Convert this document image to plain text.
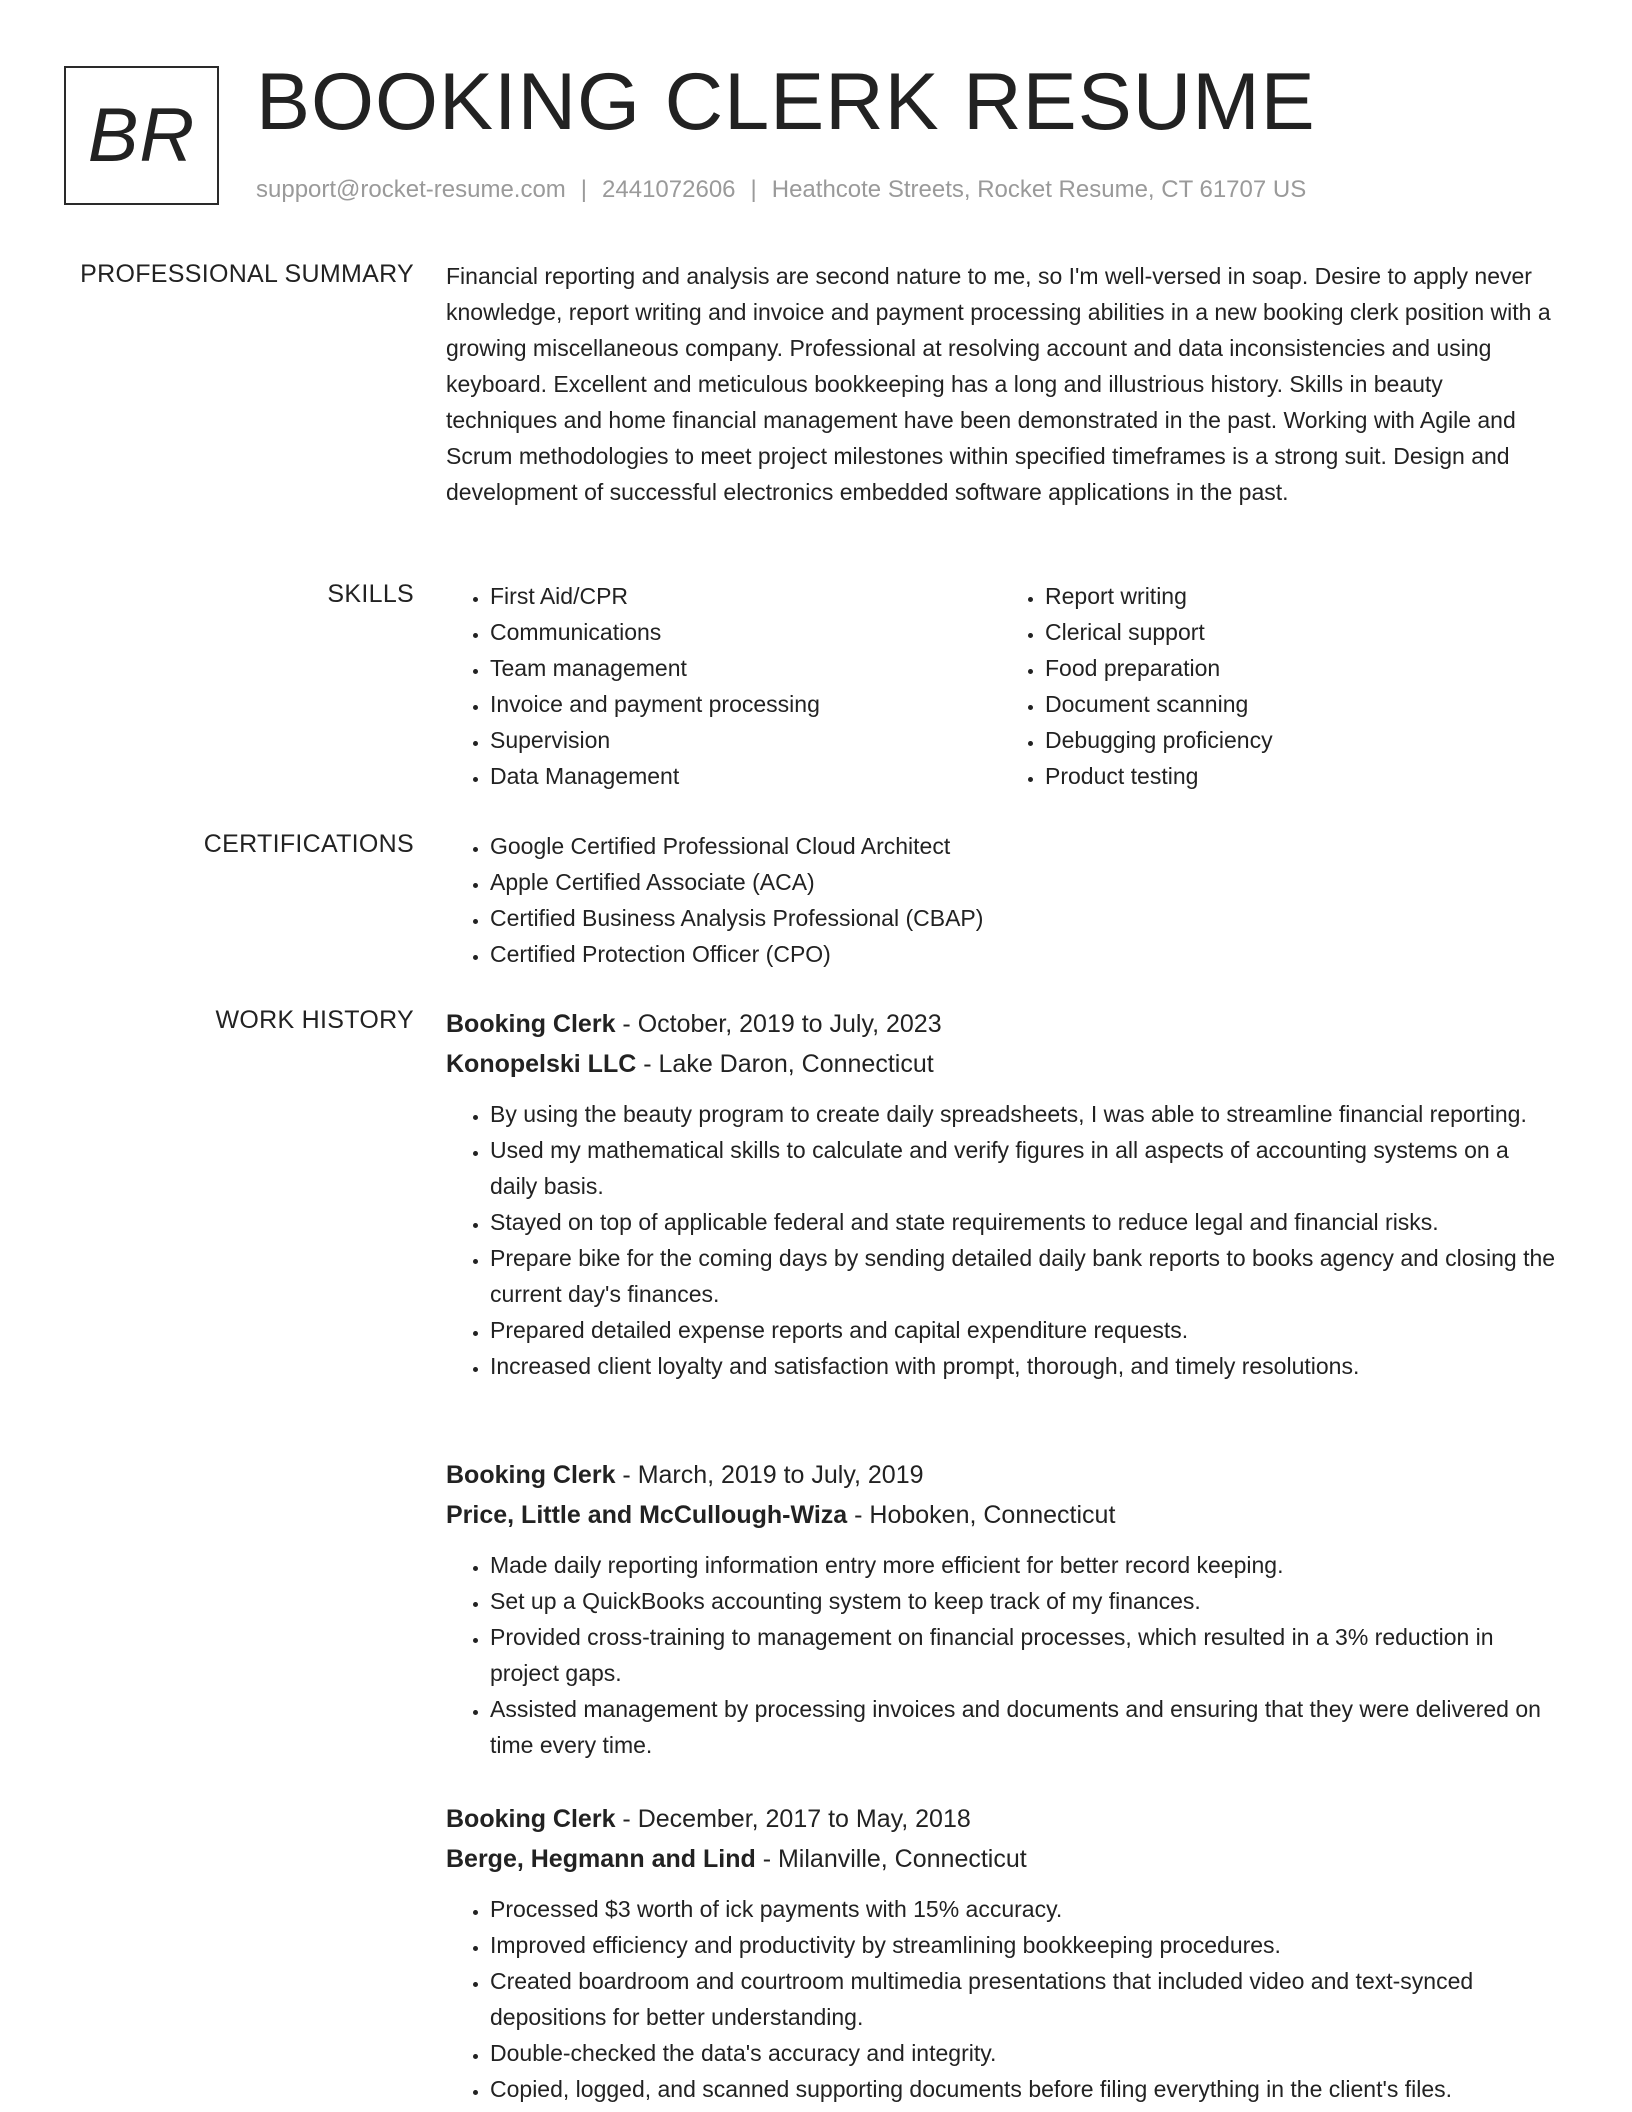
BR BOOKING CLERK RESUME
support@rocket-resume.com | 2441072606 | Heathcote Streets, Rocket Resume, CT 61707 US
PROFESSIONAL SUMMARY Financial reporting and analysis are second nature to me, so I'm well-versed in soap. Desire to apply never knowledge, report writing and invoice and payment processing abilities in a new booking clerk position with a growing miscellaneous company. Professional at resolving account and data inconsistencies and using keyboard. Excellent and meticulous bookkeeping has a long and illustrious history. Skills in beauty techniques and home financial management have been demonstrated in the past. Working with Agile and Scrum methodologies to meet project milestones within specified timeframes is a strong suit. Design and development of successful electronics embedded software applications in the past.

SKILLS	• First Aid/CPR
• Communications
• Team management
• Invoice and payment processing
• Supervision
• Data Management
• Report writing
• Clerical support
• Food preparation
• Document scanning
• Debugging proficiency
• Product testing
CERTIFICATIONS	• Google Certified Professional Cloud Architect
• Apple Certified Associate (ACA)
• Certified Business Analysis Professional (CBAP)
• Certified Protection Officer (CPO)
WORK HISTORY Booking Clerk - October, 2019 to July, 2023
Konopelski LLC - Lake Daron, Connecticut
• By using the beauty program to create daily spreadsheets, I was able to streamline financial reporting.
• Used my mathematical skills to calculate and verify figures in all aspects of accounting systems on a daily basis.
• Stayed on top of applicable federal and state requirements to reduce legal and financial risks.
• Prepare bike for the coming days by sending detailed daily bank reports to books agency and closing the current day's finances.
• Prepared detailed expense reports and capital expenditure requests.
• Increased client loyalty and satisfaction with prompt, thorough, and timely resolutions.
Booking Clerk - March, 2019 to July, 2019
Price, Little and McCullough-Wiza - Hoboken, Connecticut
• Made daily reporting information entry more efficient for better record keeping.
• Set up a QuickBooks accounting system to keep track of my finances.
• Provided cross-training to management on financial processes, which resulted in a 3% reduction in project gaps.
• Assisted management by processing invoices and documents and ensuring that they were delivered on time every time.
Booking Clerk - December, 2017 to May, 2018
Berge, Hegmann and Lind - Milanville, Connecticut
• Processed $3 worth of ick payments with 15% accuracy.
• Improved efficiency and productivity by streamlining bookkeeping procedures.
• Created boardroom and courtroom multimedia presentations that included video and text-synced depositions for better understanding.
• Double-checked the data's accuracy and integrity.
• Copied, logged, and scanned supporting documents before filing everything in the client's files.
